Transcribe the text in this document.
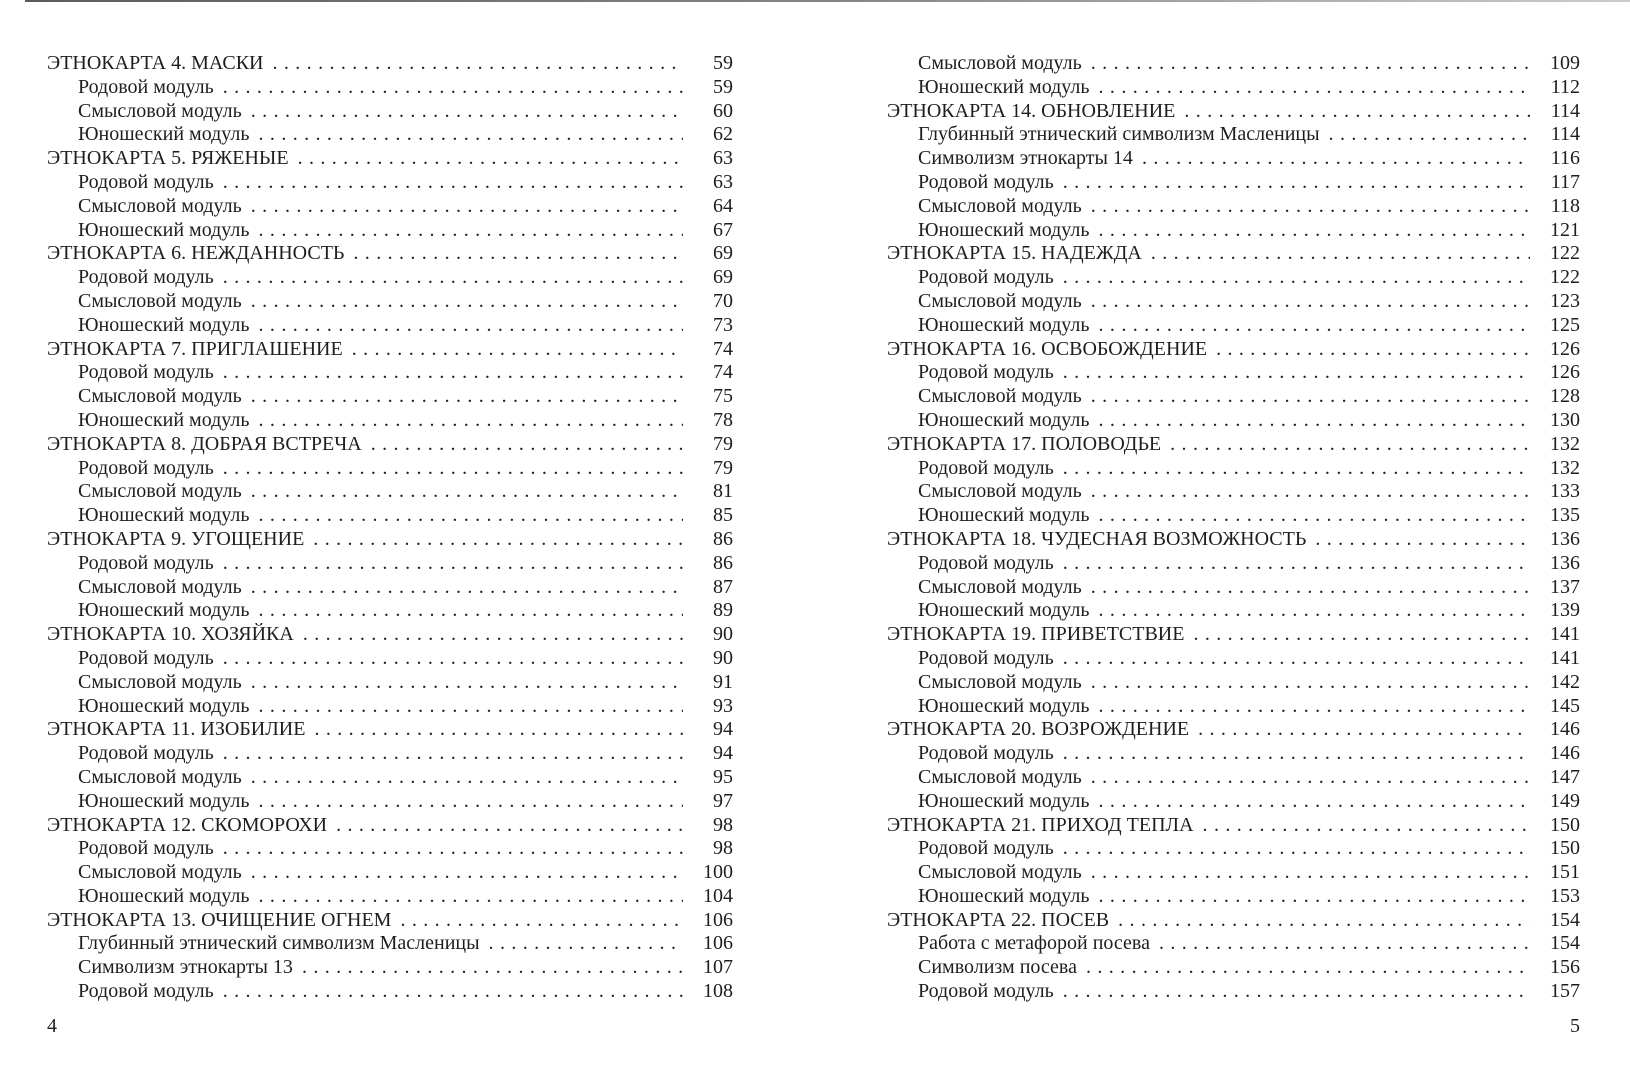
ЭТНОКАРТА 4. МАСКИ .....	59
Родовой модуль .....	59
Смысловой модуль .....	60
Юношеский модуль .....	62
ЭТНОКАРТА 5. РЯЖЕНЫЕ .....	63
Родовой модуль .....	63
Смысловой модуль .....	64
Юношеский модуль .....	67
ЭТНОКАРТА 6. НЕЖДАННОСТЬ .....	69
Родовой модуль .....	69
Смысловой модуль .....	70
Юношеский модуль .....	73
ЭТНОКАРТА 7. ПРИГЛАШЕНИЕ .....	74
Родовой модуль .....	74
Смысловой модуль .....	75
Юношеский модуль .....	78
ЭТНОКАРТА 8. ДОБРАЯ ВСТРЕЧА .....	79
Родовой модуль .....	79
Смысловой модуль .....	81
Юношеский модуль .....	85
ЭТНОКАРТА 9. УГОЩЕНИЕ .....	86
Родовой модуль .....	86
Смысловой модуль .....	87
Юношеский модуль .....	89
ЭТНОКАРТА 10. ХОЗЯЙКА .....	90
Родовой модуль .....	90
Смысловой модуль .....	91
Юношеский модуль .....	93
ЭТНОКАРТА 11. ИЗОБИЛИЕ .....	94
Родовой модуль .....	94
Смысловой модуль .....	95
Юношеский модуль .....	97
ЭТНОКАРТА 12. СКОМОРОХИ .....	98
Родовой модуль .....	98
Смысловой модуль .....	100
Юношеский модуль .....	104
ЭТНОКАРТА 13. ОЧИЩЕНИЕ ОГНЕМ .....	106
Глубинный этнический символизм Масленицы .....	106
Символизм этнокарты 13 .....	107
Родовой модуль .....	108
Смысловой модуль .....	109
Юношеский модуль .....	112
ЭТНОКАРТА 14. ОБНОВЛЕНИЕ .....	114
Глубинный этнический символизм Масленицы .....	114
Символизм этнокарты 14 .....	116
Родовой модуль .....	117
Смысловой модуль .....	118
Юношеский модуль .....	121
ЭТНОКАРТА 15. НАДЕЖДА .....	122
Родовой модуль .....	122
Смысловой модуль .....	123
Юношеский модуль .....	125
ЭТНОКАРТА 16. ОСВОБОЖДЕНИЕ .....	126
Родовой модуль .....	126
Смысловой модуль .....	128
Юношеский модуль .....	130
ЭТНОКАРТА 17. ПОЛОВОДЬЕ .....	132
Родовой модуль .....	132
Смысловой модуль .....	133
Юношеский модуль .....	135
ЭТНОКАРТА 18. ЧУДЕСНАЯ ВОЗМОЖНОСТЬ .....	136
Родовой модуль .....	136
Смысловой модуль .....	137
Юношеский модуль .....	139
ЭТНОКАРТА 19. ПРИВЕТСТВИЕ .....	141
Родовой модуль .....	141
Смысловой модуль .....	142
Юношеский модуль .....	145
ЭТНОКАРТА 20. ВОЗРОЖДЕНИЕ .....	146
Родовой модуль .....	146
Смысловой модуль .....	147
Юношеский модуль .....	149
ЭТНОКАРТА 21. ПРИХОД ТЕПЛА .....	150
Родовой модуль .....	150
Смысловой модуль .....	151
Юношеский модуль .....	153
ЭТНОКАРТА 22. ПОСЕВ .....	154
Работа с метафорой посева .....	154
Символизм посева .....	156
Родовой модуль .....	157
4	5
